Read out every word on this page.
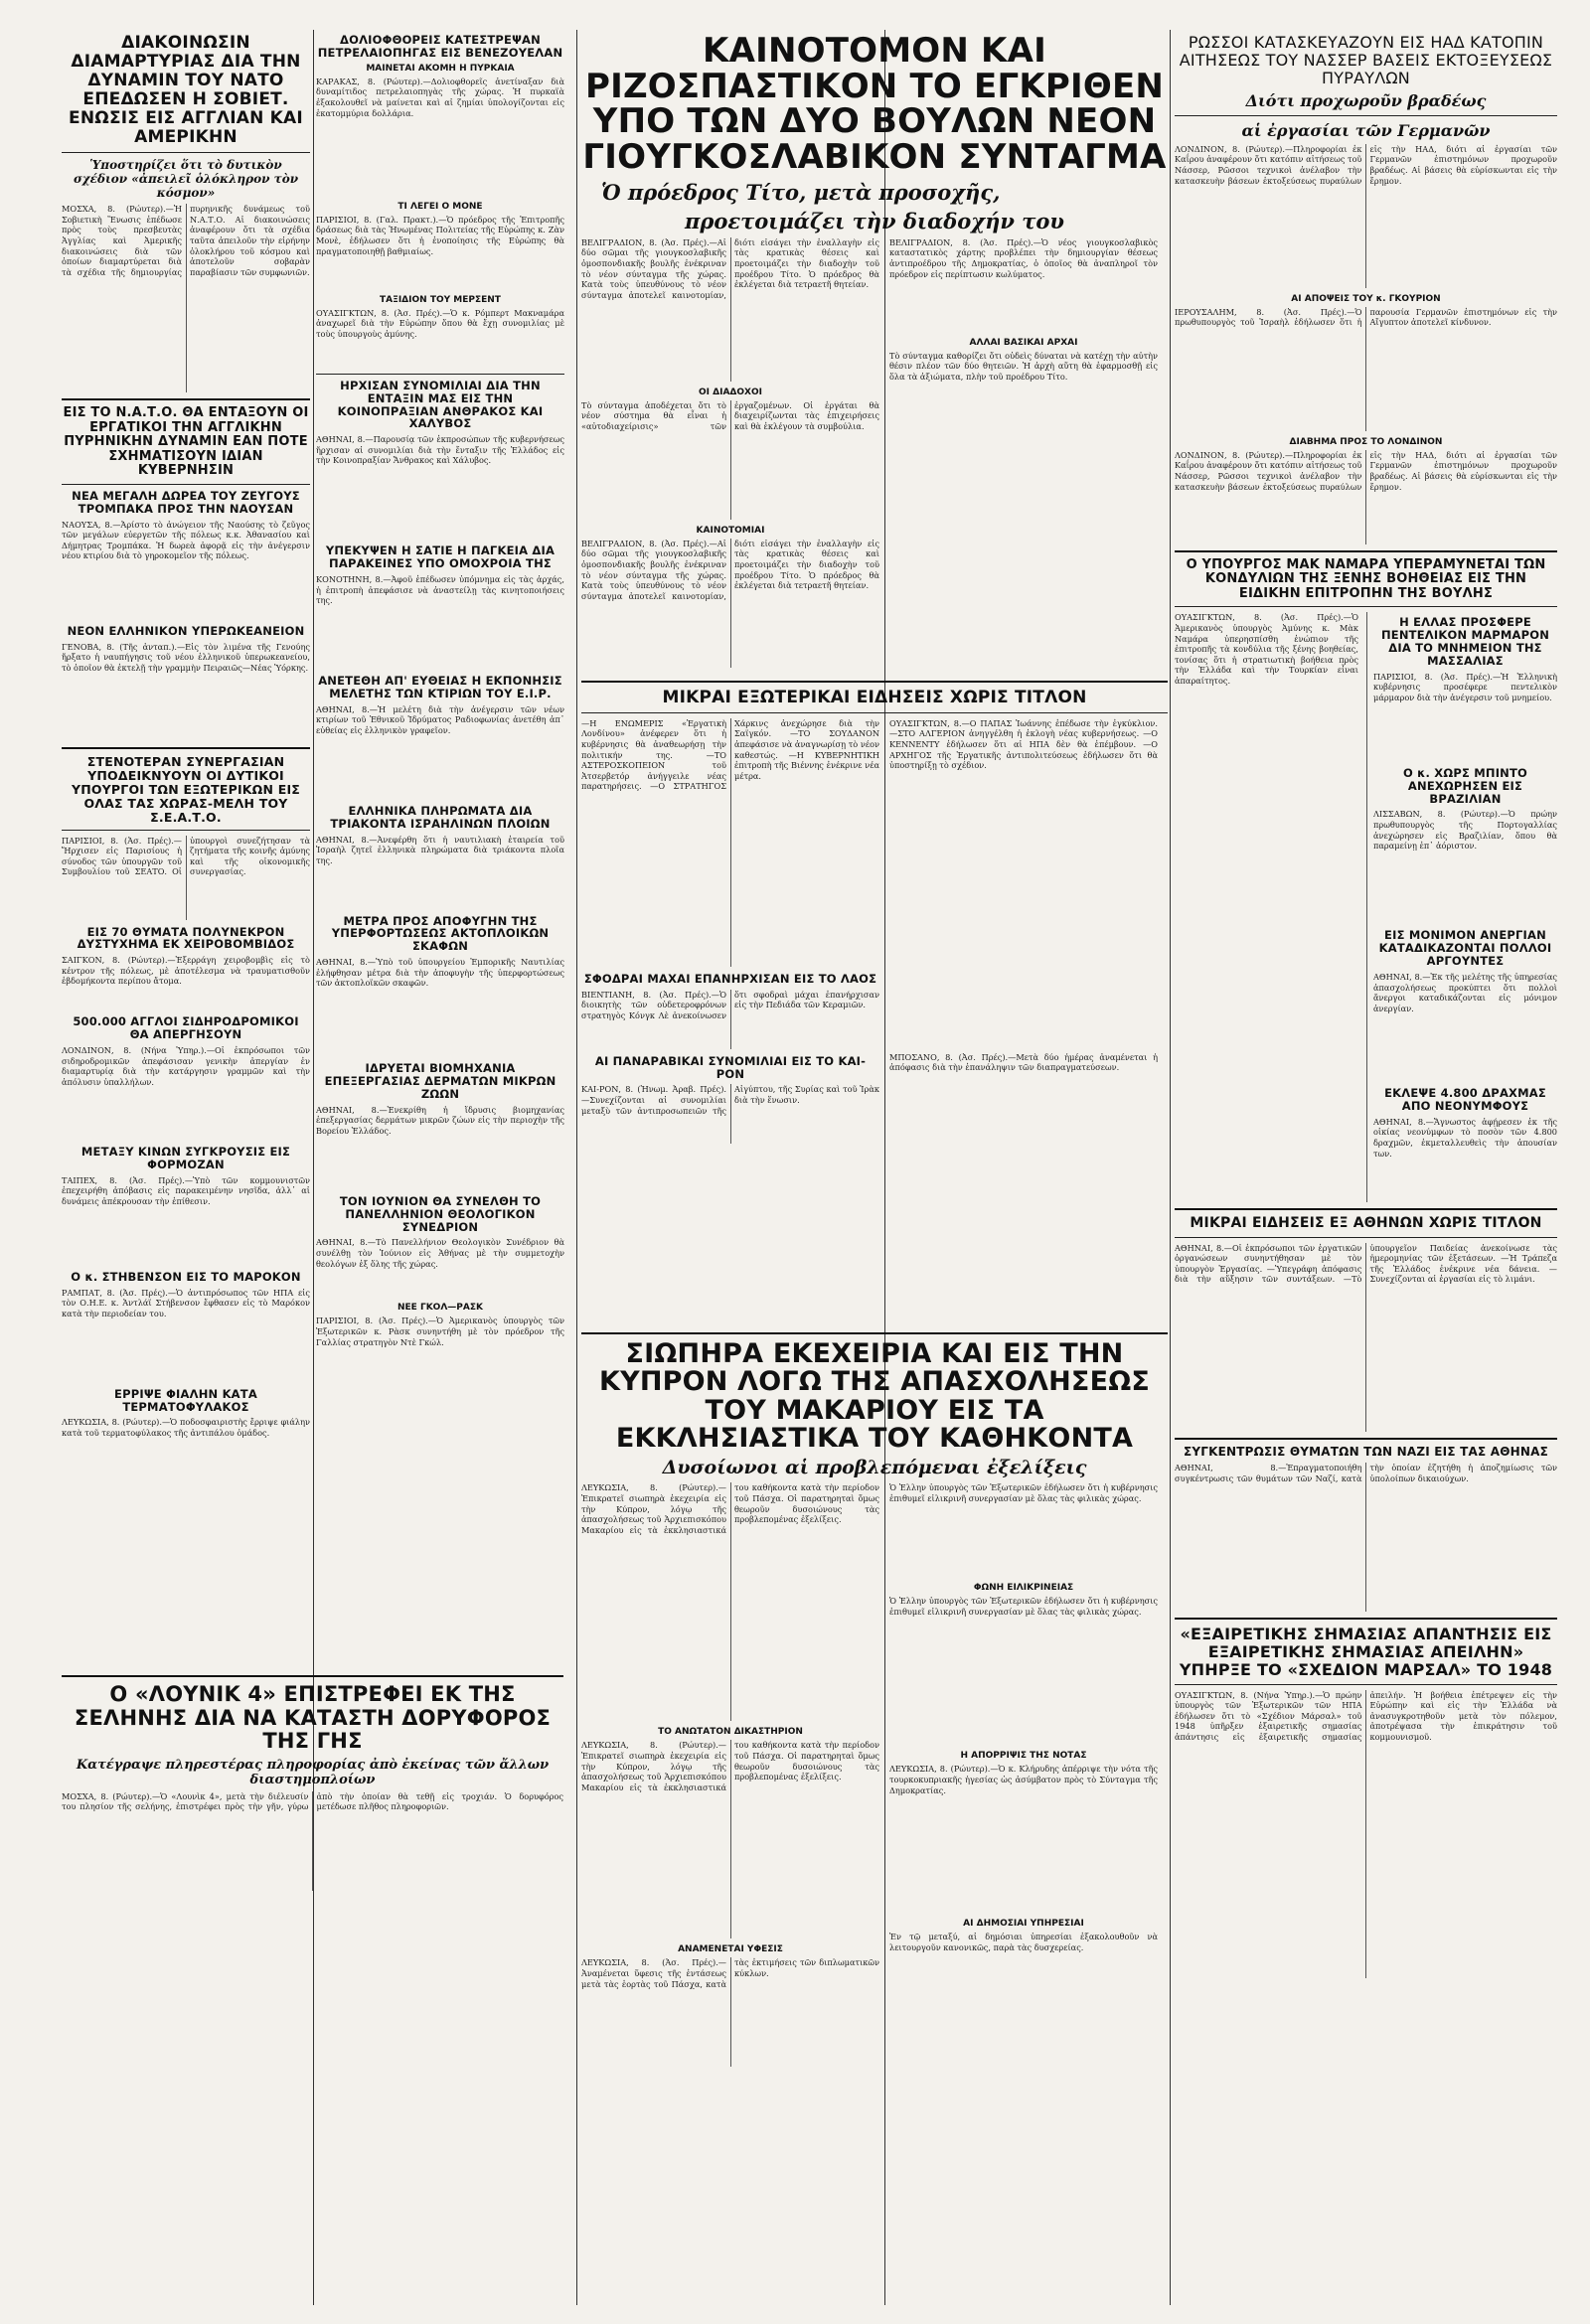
ΔΙΑΚΟΙΝΩΣΙΝ ΔΙΑΜΑΡΤΥΡΙΑΣ ΔΙΑ ΤΗΝ ΔΥΝΑΜΙΝ ΤΟΥ ΝΑΤΟ ΕΠΕΔΩΣΕΝ Η ΣΟΒΙΕΤ. ΕΝΩΣΙΣ ΕΙΣ ΑΓΓΛΙΑΝ ΚΑΙ ΑΜΕΡΙΚΗΝ
Ὑποστηρίζει ὅτι τὸ δυτικὸν σχέδιον «ἀπειλεῖ ὁλόκληρον τὸν κόσμον»
ΜΟΣΧΑ, 8. (Ρώυτερ).—Ἡ Σοβιετικὴ Ἕνωσις ἐπέδωσε πρὸς τοὺς πρεσβευτὰς Ἀγγλίας καὶ Ἀμερικῆς διακοινώσεις διὰ τῶν ὁποίων διαμαρτύρεται διὰ τὰ σχέδια τῆς δημιουργίας πυρηνικῆς δυνάμεως τοῦ Ν.Α.Τ.Ο. Αἱ διακοινώσεις ἀναφέρουν ὅτι τὰ σχέδια ταῦτα ἀπειλοῦν τὴν εἰρήνην ὁλοκλήρου τοῦ κόσμου καὶ ἀποτελοῦν σοβαρὰν παραβίασιν τῶν συμφωνιῶν.
ΕΙΣ ΤΟ Ν.Α.Τ.Ο. ΘΑ ΕΝΤΑΞΟΥΝ ΟΙ ΕΡΓΑΤΙΚΟΙ ΤΗΝ ΑΓΓΛΙΚΗΝ ΠΥΡΗΝΙΚΗΝ ΔΥΝΑΜΙΝ ΕΑΝ ΠΟΤΕ ΣΧΗΜΑΤΙΣΟΥΝ ΙΔΙΑΝ ΚΥΒΕΡΝΗΣΙΝ
ΝΕΑ ΜΕΓΑΛΗ ΔΩΡΕΑ ΤΟΥ ΖΕΥΓΟΥΣ ΤΡΟΜΠΑΚΑ ΠΡΟΣ ΤΗΝ ΝΑΟΥΣΑΝ
ΝΑΟΥΣΑ, 8.—Ἀρίστο τὸ ἀνώγειον τῆς Ναούσης τὸ ζεῦγος τῶν μεγάλων εὐεργετῶν τῆς πόλεως κ.κ. Ἀθανασίου καὶ Δήμητρας Τρομπάκα. Ἡ δωρεὰ ἀφορᾷ εἰς τὴν ἀνέγερσιν νέου κτιρίου διὰ τὸ γηροκομεῖον τῆς πόλεως.
ΝΕΟΝ ΕΛΛΗΝΙΚΟΝ ΥΠΕΡΩΚΕΑΝΕΙΟΝ
ΓΕΝΟΒΑ, 8. (Τῆς ἀνταπ.).—Εἰς τὸν λιμένα τῆς Γενούης ἤρξατο ἡ ναυπήγησις τοῦ νέου ἑλληνικοῦ ὑπερωκεανείου, τὸ ὁποῖον θὰ ἐκτελῇ τὴν γραμμὴν Πειραιῶς—Νέας Ὑόρκης.
ΣΤΕΝΟΤΕΡΑΝ ΣΥΝΕΡΓΑΣΙΑΝ ΥΠΟΔΕΙΚΝΥΟΥΝ ΟΙ ΔΥΤΙΚΟΙ ΥΠΟΥΡΓΟΙ ΤΩΝ ΕΞΩΤΕΡΙΚΩΝ ΕΙΣ ΟΛΑΣ ΤΑΣ ΧΩΡΑΣ-ΜΕΛΗ ΤΟΥ Σ.Ε.Α.Τ.Ο.
ΠΑΡΙΣΙΟΙ, 8. (Ἀσ. Πρές).—Ἤρχισεν εἰς Παρισίους ἡ σύνοδος τῶν ὑπουργῶν τοῦ Συμβουλίου τοῦ ΣΕΑΤΟ. Οἱ ὑπουργοὶ συνεζήτησαν τὰ ζητήματα τῆς κοινῆς ἀμύνης καὶ τῆς οἰκονομικῆς συνεργασίας.
ΕΙΣ 70 ΘΥΜΑΤΑ ΠΟΛΥΝΕΚΡΟΝ ΔΥΣΤΥΧΗΜΑ ΕΚ ΧΕΙΡΟΒΟΜΒΙΔΟΣ
ΣΑΙΓΚΟΝ, 8. (Ρώυτερ).—Ἐξερράγη χειροβομβὶς εἰς τὸ κέντρον τῆς πόλεως, μὲ ἀποτέλεσμα νὰ τραυματισθοῦν ἑβδομήκοντα περίπου ἄτομα.
500.000 ΑΓΓΛΟΙ ΣΙΔΗΡΟΔΡΟΜΙΚΟΙ ΘΑ ΑΠΕΡΓΗΣΟΥΝ
ΛΟΝΔΙΝΟΝ, 8. (Νήνα Ὑπηρ.).—Οἱ ἐκπρόσωποι τῶν σιδηροδρομικῶν ἀπεφάσισαν γενικὴν ἀπεργίαν ἐν διαμαρτυρίᾳ διὰ τὴν κατάργησιν γραμμῶν καὶ τὴν ἀπόλυσιν ὑπαλλήλων.
ΜΕΤΑΞΥ ΚΙΝΩΝ ΣΥΓΚΡΟΥΣΙΣ ΕΙΣ ΦΟΡΜΟΖΑΝ
ΤΑΙΠΕΧ, 8. (Ἀσ. Πρές).—Ὑπὸ τῶν κομμουνιστῶν ἐπεχειρήθη ἀπόβασις εἰς παρακειμένην νησῖδα, ἀλλ᾽ αἱ δυνάμεις ἀπέκρουσαν τὴν ἐπίθεσιν.
Ο κ. ΣΤΗΒΕΝΣΟΝ ΕΙΣ ΤΟ ΜΑΡΟΚΟΝ
ΡΑΜΠΑΤ, 8. (Ἀσ. Πρές).—Ὁ ἀντιπρόσωπος τῶν ΗΠΑ εἰς τὸν Ο.Η.Ε. κ. Ἀντλάϊ Στήβενσον ἔφθασεν εἰς τὸ Μαρόκον κατὰ τὴν περιοδείαν του.
ΕΡΡΙΨΕ ΦΙΑΛΗΝ ΚΑΤΑ ΤΕΡΜΑΤΟΦΥΛΑΚΟΣ
ΛΕΥΚΩΣΙΑ, 8. (Ρώυτερ).—Ὁ ποδοσφαιριστὴς ἔρριψε φιάλην κατὰ τοῦ τερματοφύλακος τῆς ἀντιπάλου ὁμάδος.
ΔΟΛΙΟΦΘΟΡΕΙΣ ΚΑΤΕΣΤΡΕΨΑΝ ΠΕΤΡΕΛΑΙΟΠΗΓΑΣ ΕΙΣ ΒΕΝΕΖΟΥΕΛΑΝ
ΜΑΙΝΕΤΑΙ ΑΚΟΜΗ Η ΠΥΡΚΑΙΑ
ΚΑΡΑΚΑΣ, 8. (Ρώυτερ).—Δολιοφθορεῖς ἀνετίναξαν διὰ δυναμίτιδος πετρελαιοπηγὰς τῆς χώρας. Ἡ πυρκαϊὰ ἐξακολουθεῖ νὰ μαίνεται καὶ αἱ ζημίαι ὑπολογίζονται εἰς ἑκατομμύρια δολλάρια.
ΤΙ ΛΕΓΕΙ Ο ΜΟΝΕ
ΠΑΡΙΣΙΟΙ, 8. (Γαλ. Πρακτ.).—Ὁ πρόεδρος τῆς Ἐπιτροπῆς δράσεως διὰ τὰς Ἡνωμένας Πολιτείας τῆς Εὐρώπης κ. Ζὰν Μονὲ, ἐδήλωσεν ὅτι ἡ ἐνοποίησις τῆς Εὐρώπης θὰ πραγματοποιηθῇ βαθμιαίως.
ΤΑΞΙΔΙΟΝ ΤΟΥ ΜΕΡΣΕΝΤ
ΟΥΑΣΙΓΚΤΩΝ, 8. (Ἀσ. Πρές).—Ὁ κ. Ρόμπερτ Μακναμάρα ἀναχωρεῖ διὰ τὴν Εὐρώπην ὅπου θὰ ἔχῃ συνομιλίας μὲ τοὺς ὑπουργοὺς ἀμύνης.
ΗΡΧΙΣΑΝ ΣΥΝΟΜΙΛΙΑΙ ΔΙΑ ΤΗΝ ΕΝΤΑΞΙΝ ΜΑΣ ΕΙΣ ΤΗΝ ΚΟΙΝΟΠΡΑΞΙΑΝ ΑΝΘΡΑΚΟΣ ΚΑΙ ΧΑΛΥΒΟΣ
ΑΘΗΝΑΙ, 8.—Παρουσίᾳ τῶν ἐκπροσώπων τῆς κυβερνήσεως ἤρχισαν αἱ συνομιλίαι διὰ τὴν ἔνταξιν τῆς Ἑλλάδος εἰς τὴν Κοινοπραξίαν Ἄνθρακος καὶ Χάλυβος.
ΥΠΕΚΥΨΕΝ Η ΣΑΤΙΕ Η ΠΑΓΚΕΙΑ ΔΙΑ ΠΑΡΑΚΕΙΝΕΣ ΥΠΟ ΟΜΟΧΡΟΙΑ ΤΗΣ
ΚΟΝΟΤΗΝΗ, 8.—Ἀφοῦ ἐπέδωσεν ὑπόμνημα εἰς τὰς ἀρχάς, ἡ ἐπιτροπὴ ἀπεφάσισε νὰ ἀναστείλῃ τὰς κινητοποιήσεις της.
ΑΝΕΤΕΘΗ ΑΠ' ΕΥΘΕΙΑΣ Η ΕΚΠΟΝΗΣΙΣ ΜΕΛΕΤΗΣ ΤΩΝ ΚΤΙΡΙΩΝ ΤΟΥ Ε.Ι.Ρ.
ΑΘΗΝΑΙ, 8.—Ἡ μελέτη διὰ τὴν ἀνέγερσιν τῶν νέων κτιρίων τοῦ Ἐθνικοῦ Ἱδρύματος Ραδιοφωνίας ἀνετέθη ἀπ᾽ εὐθείας εἰς ἑλληνικὸν γραφεῖον.
ΕΛΛΗΝΙΚΑ ΠΛΗΡΩΜΑΤΑ ΔΙΑ ΤΡΙΑΚΟΝΤΑ ΙΣΡΑΗΛΙΝΩΝ ΠΛΟΙΩΝ
ΑΘΗΝΑΙ, 8.—Ἀνεφέρθη ὅτι ἡ ναυτιλιακὴ ἑταιρεία τοῦ Ἰσραὴλ ζητεῖ ἑλληνικὰ πληρώματα διὰ τριάκοντα πλοῖα της.
ΜΕΤΡΑ ΠΡΟΣ ΑΠΟΦΥΓΗΝ ΤΗΣ ΥΠΕΡΦΟΡΤΩΣΕΩΣ ΑΚΤΟΠΛΟΙΚΩΝ ΣΚΑΦΩΝ
ΑΘΗΝΑΙ, 8.—Ὑπὸ τοῦ ὑπουργείου Ἐμπορικῆς Ναυτιλίας ἐλήφθησαν μέτρα διὰ τὴν ἀποφυγὴν τῆς ὑπερφορτώσεως τῶν ἀκτοπλοϊκῶν σκαφῶν.
ΙΔΡΥΕΤΑΙ ΒΙΟΜΗΧΑΝΙΑ ΕΠΕΞΕΡΓΑΣΙΑΣ ΔΕΡΜΑΤΩΝ ΜΙΚΡΩΝ ΖΩΩΝ
ΑΘΗΝΑΙ, 8.—Ἐνεκρίθη ἡ ἵδρυσις βιομηχανίας ἐπεξεργασίας δερμάτων μικρῶν ζώων εἰς τὴν περιοχὴν τῆς Βορείου Ἑλλάδος.
ΤΟΝ ΙΟΥΝΙΟΝ ΘΑ ΣΥΝΕΛΘΗ ΤΟ ΠΑΝΕΛΛΗΝΙΟΝ ΘΕΟΛΟΓΙΚΟΝ ΣΥΝΕΔΡΙΟΝ
ΑΘΗΝΑΙ, 8.—Τὸ Πανελλήνιον Θεολογικὸν Συνέδριον θὰ συνέλθῃ τὸν Ἰούνιον εἰς Ἀθήνας μὲ τὴν συμμετοχὴν θεολόγων ἐξ ὅλης τῆς χώρας.
ΝΕΕ ΓΚΟΛ—ΡΑΣΚ
ΠΑΡΙΣΙΟΙ, 8. (Ἀσ. Πρές).—Ὁ Ἀμερικανὸς ὑπουργὸς τῶν Ἐξωτερικῶν κ. Ρὰσκ συνηντήθη μὲ τὸν πρόεδρον τῆς Γαλλίας στρατηγὸν Ντὲ Γκώλ.
Ο «ΛΟΥΝΙΚ 4» ΕΠΙΣΤΡΕΦΕΙ ΕΚ ΤΗΣ ΣΕΛΗΝΗΣ ΔΙΑ ΝΑ ΚΑΤΑΣΤΗ ΔΟΡΥΦΟΡΟΣ ΤΗΣ ΓΗΣ
Κατέγραψε πληρεστέρας πληροφορίας ἀπὸ ἐκείνας τῶν ἄλλων διαστημοπλοίων
ΜΟΣΧΑ, 8. (Ρώυτερ).—Ὁ «Λουνὶκ 4», μετὰ τὴν διέλευσίν του πλησίον τῆς σελήνης, ἐπιστρέφει πρὸς τὴν γῆν, γύρω ἀπὸ τὴν ὁποίαν θὰ τεθῇ εἰς τροχιάν. Ὁ δορυφόρος μετέδωσε πλῆθος πληροφοριῶν.
ΚΑΙΝΟΤΟΜΟΝ ΚΑΙ ΡΙΖΟΣΠΑΣΤΙΚΟΝ ΤΟ ΕΓΚΡΙΘΕΝ ΥΠΟ ΤΩΝ ΔΥΟ ΒΟΥΛΩΝ ΝΕΟΝ ΓΙΟΥΓΚΟΣΛΑΒΙΚΟΝ ΣΥΝΤΑΓΜΑ
Ὁ πρόεδρος Τίτο, μετὰ προσοχῆς,
προετοιμάζει τὴν διαδοχήν του
ΒΕΛΙΓΡΑΔΙΟΝ, 8. (Ἀσ. Πρές).—Αἱ δύο σῶμαι τῆς γιουγκοσλαβικῆς ὁμοσπονδιακῆς βουλῆς ἐνέκριναν τὸ νέον σύνταγμα τῆς χώρας. Κατὰ τοὺς ὑπευθύνους τὸ νέον σύνταγμα ἀποτελεῖ καινοτομίαν, διότι εἰσάγει τὴν ἐναλλαγὴν εἰς τὰς κρατικὰς θέσεις καὶ προετοιμάζει τὴν διαδοχὴν τοῦ προέδρου Τίτο. Ὁ πρόεδρος θὰ ἐκλέγεται διὰ τετραετῆ θητείαν.
ΟΙ ΔΙΑΔΟΧΟΙ
Τὸ σύνταγμα ἀποδέχεται ὅτι τὸ νέον σύστημα θὰ εἶναι ἡ «αὐτοδιαχείρισις» τῶν ἐργαζομένων. Οἱ ἐργάται θὰ διαχειρίζωνται τὰς ἐπιχειρήσεις καὶ θὰ ἐκλέγουν τὰ συμβούλια.
ΚΑΙΝΟΤΟΜΙΑΙ
ΒΕΛΙΓΡΑΔΙΟΝ, 8. (Ἀσ. Πρές).—Αἱ δύο σῶμαι τῆς γιουγκοσλαβικῆς ὁμοσπονδιακῆς βουλῆς ἐνέκριναν τὸ νέον σύνταγμα τῆς χώρας. Κατὰ τοὺς ὑπευθύνους τὸ νέον σύνταγμα ἀποτελεῖ καινοτομίαν, διότι εἰσάγει τὴν ἐναλλαγὴν εἰς τὰς κρατικὰς θέσεις καὶ προετοιμάζει τὴν διαδοχὴν τοῦ προέδρου Τίτο. Ὁ πρόεδρος θὰ ἐκλέγεται διὰ τετραετῆ θητείαν.
ΒΕΛΙΓΡΑΔΙΟΝ, 8. (Ἀσ. Πρές).—Ὁ νέος γιουγκοσλαβικὸς καταστατικὸς χάρτης προβλέπει τὴν δημιουργίαν θέσεως ἀντιπροέδρου τῆς Δημοκρατίας, ὁ ὁποῖος θὰ ἀναπληροῖ τὸν πρόεδρον εἰς περίπτωσιν κωλύματος.
ΑΛΛΑΙ ΒΑΣΙΚΑΙ ΑΡΧΑΙ
Τὸ σύνταγμα καθορίζει ὅτι οὐδεὶς δύναται νὰ κατέχῃ τὴν αὐτὴν θέσιν πλέον τῶν δύο θητειῶν. Ἡ ἀρχὴ αὕτη θὰ ἐφαρμοσθῇ εἰς ὅλα τὰ ἀξιώματα, πλὴν τοῦ προέδρου Τίτο.
ΜΙΚΡΑΙ ΕΞΩΤΕΡΙΚΑΙ ΕΙΔΗΣΕΙΣ ΧΩΡΙΣ ΤΙΤΛΟΝ
—Η ΕΝΩΜΕΡΙΣ «Ἐργατικὴ Λονδίνου» ἀνέφερεν ὅτι ἡ κυβέρνησις θὰ ἀναθεωρήσῃ τὴν πολιτικήν της. —ΤΟ ΑΣΤΕΡΟΣΚΟΠΕΙΟΝ τοῦ Ἀτσερβετόρ ἀνήγγειλε νέας παρατηρήσεις. —Ο ΣΤΡΑΤΗΓΟΣ Χάρκινς ἀνεχώρησε διὰ τὴν Σαϊγκόν. —ΤΟ ΣΟΥΔΑΝΟΝ ἀπεφάσισε νὰ ἀναγνωρίσῃ τὸ νέον καθεστώς. —Η ΚΥΒΕΡΝΗΤΙΚΗ ἐπιτροπὴ τῆς Βιέννης ἐνέκρινε νέα μέτρα.
ΣΦΟΔΡΑΙ ΜΑΧΑΙ ΕΠΑΝΗΡΧΙΣΑΝ ΕΙΣ ΤΟ ΛΑΟΣ
ΒΙΕΝΤΙΑΝΗ, 8. (Ἀσ. Πρές).—Ὁ διοικητὴς τῶν οὐδετεροφρόνων στρατηγὸς Κόνγκ Λὲ ἀνεκοίνωσεν ὅτι σφοδραὶ μάχαι ἐπανήρχισαν εἰς τὴν Πεδιάδα τῶν Κεραμιῶν.
ΑΙ ΠΑΝΑΡΑΒΙΚΑΙ ΣΥΝΟΜΙΛΙΑΙ ΕΙΣ ΤΟ ΚΑΙ-ΡΟΝ
ΚΑΙ-ΡΟΝ, 8. (Ἡνωμ. Ἀραβ. Πρές).—Συνεχίζονται αἱ συνομιλίαι μεταξὺ τῶν ἀντιπροσωπειῶν τῆς Αἰγύπτου, τῆς Συρίας καὶ τοῦ Ἰρὰκ διὰ τὴν ἕνωσιν.
ΟΥΑΣΙΓΚΤΩΝ, 8.—Ο ΠΑΠΑΣ Ἰωάννης ἐπέδωσε τὴν ἐγκύκλιον. —ΣΤΟ ΑΛΓΕΡΙΟΝ ἀνηγγέλθη ἡ ἐκλογὴ νέας κυβερνήσεως. —Ο ΚΕΝΝΕΝΤΥ ἐδήλωσεν ὅτι αἱ ΗΠΑ δὲν θὰ ἐπέμβουν. —Ο ΑΡΧΗΓΟΣ τῆς Ἐργατικῆς ἀντιπολιτεύσεως ἐδήλωσεν ὅτι θὰ ὑποστηρίξῃ τὸ σχέδιον.
ΜΠΟΣΑΝΟ, 8. (Ἀσ. Πρές).—Μετὰ δύο ἡμέρας ἀναμένεται ἡ ἀπόφασις διὰ τὴν ἐπανάληψιν τῶν διαπραγματεύσεων.
ΣΙΩΠΗΡΑ ΕΚΕΧΕΙΡΙΑ ΚΑΙ ΕΙΣ ΤΗΝ ΚΥΠΡΟΝ ΛΟΓΩ ΤΗΣ ΑΠΑΣΧΟΛΗΣΕΩΣ ΤΟΥ ΜΑΚΑΡΙΟΥ ΕΙΣ ΤΑ ΕΚΚΛΗΣΙΑΣΤΙΚΑ ΤΟΥ ΚΑΘΗΚΟΝΤΑ
Δυσοίωνοι αἱ προβλεπόμεναι ἐξελίξεις
ΛΕΥΚΩΣΙΑ, 8. (Ρώυτερ).—Ἐπικρατεῖ σιωπηρὰ ἐκεχειρία εἰς τὴν Κύπρον, λόγῳ τῆς ἀπασχολήσεως τοῦ Ἀρχιεπισκόπου Μακαρίου εἰς τὰ ἐκκλησιαστικά του καθήκοντα κατὰ τὴν περίοδον τοῦ Πάσχα. Οἱ παρατηρηταὶ ὅμως θεωροῦν δυσοιώνους τὰς προβλεπομένας ἐξελίξεις.
ΤΟ ΑΝΩΤΑΤΟΝ ΔΙΚΑΣΤΗΡΙΟΝ
ΛΕΥΚΩΣΙΑ, 8. (Ρώυτερ).—Ἐπικρατεῖ σιωπηρὰ ἐκεχειρία εἰς τὴν Κύπρον, λόγῳ τῆς ἀπασχολήσεως τοῦ Ἀρχιεπισκόπου Μακαρίου εἰς τὰ ἐκκλησιαστικά του καθήκοντα κατὰ τὴν περίοδον τοῦ Πάσχα. Οἱ παρατηρηταὶ ὅμως θεωροῦν δυσοιώνους τὰς προβλεπομένας ἐξελίξεις.
ΑΝΑΜΕΝΕΤΑΙ ΥΦΕΣΙΣ
ΛΕΥΚΩΣΙΑ, 8. (Ἀσ. Πρές).—Ἀναμένεται ὕφεσις τῆς ἐντάσεως μετὰ τὰς ἑορτὰς τοῦ Πάσχα, κατὰ τὰς ἐκτιμήσεις τῶν διπλωματικῶν κύκλων.
Ὁ Ἑλλην ὑπουργὸς τῶν Ἐξωτερικῶν ἐδήλωσεν ὅτι ἡ κυβέρνησις ἐπιθυμεῖ εἰλικρινῆ συνεργασίαν μὲ ὅλας τὰς φιλικὰς χώρας.
ΦΩΝΗ ΕΙΛΙΚΡΙΝΕΙΑΣ
Ὁ Ἑλλην ὑπουργὸς τῶν Ἐξωτερικῶν ἐδήλωσεν ὅτι ἡ κυβέρνησις ἐπιθυμεῖ εἰλικρινῆ συνεργασίαν μὲ ὅλας τὰς φιλικὰς χώρας.
Η ΑΠΟΡΡΙΨΙΣ ΤΗΣ ΝΟΤΑΣ
ΛΕΥΚΩΣΙΑ, 8. (Ρώυτερ).—Ὁ κ. Κλήρυδης ἀπέρριψε τὴν νότα τῆς τουρκοκυπριακῆς ἡγεσίας ὡς ἀσύμβατον πρὸς τὸ Σύνταγμα τῆς Δημοκρατίας.
ΑΙ ΔΗΜΟΣΙΑΙ ΥΠΗΡΕΣΙΑΙ
Ἐν τῷ μεταξύ, αἱ δημόσιαι ὑπηρεσίαι ἐξακολουθοῦν νὰ λειτουργοῦν κανονικῶς, παρὰ τὰς δυσχερείας.
ΡΩΣΣΟΙ ΚΑΤΑΣΚΕΥΑΖΟΥΝ ΕΙΣ ΗΑΔ ΚΑΤΟΠΙΝ ΑΙΤΗΣΕΩΣ ΤΟΥ ΝΑΣΣΕΡ ΒΑΣΕΙΣ ΕΚΤΟΞΕΥΣΕΩΣ ΠΥΡΑΥΛΩΝ
Διότι προχωροῦν βραδέως
αἱ ἐργασίαι τῶν Γερμανῶν
ΛΟΝΔΙΝΟΝ, 8. (Ρώυτερ).—Πληροφορίαι ἐκ Καΐρου ἀναφέρουν ὅτι κατόπιν αἰτήσεως τοῦ Νάσσερ, Ρῶσσοι τεχνικοὶ ἀνέλαβον τὴν κατασκευὴν βάσεων ἐκτοξεύσεως πυραύλων εἰς τὴν ΗΑΔ, διότι αἱ ἐργασίαι τῶν Γερμανῶν ἐπιστημόνων προχωροῦν βραδέως. Αἱ βάσεις θὰ εὑρίσκωνται εἰς τὴν ἔρημον.
ΑΙ ΑΠΟΨΕΙΣ ΤΟΥ κ. ΓΚΟΥΡΙΟΝ
ΙΕΡΟΥΣΑΛΗΜ, 8. (Ἀσ. Πρές).—Ὁ πρωθυπουργὸς τοῦ Ἰσραὴλ ἐδήλωσεν ὅτι ἡ παρουσία Γερμανῶν ἐπιστημόνων εἰς τὴν Αἴγυπτον ἀποτελεῖ κίνδυνον.
ΔΙΑΒΗΜΑ ΠΡΟΣ ΤΟ ΛΟΝΔΙΝΟΝ
ΛΟΝΔΙΝΟΝ, 8. (Ρώυτερ).—Πληροφορίαι ἐκ Καΐρου ἀναφέρουν ὅτι κατόπιν αἰτήσεως τοῦ Νάσσερ, Ρῶσσοι τεχνικοὶ ἀνέλαβον τὴν κατασκευὴν βάσεων ἐκτοξεύσεως πυραύλων εἰς τὴν ΗΑΔ, διότι αἱ ἐργασίαι τῶν Γερμανῶν ἐπιστημόνων προχωροῦν βραδέως. Αἱ βάσεις θὰ εὑρίσκωνται εἰς τὴν ἔρημον.
Ο ΥΠΟΥΡΓΟΣ ΜΑΚ ΝΑΜΑΡΑ ΥΠΕΡΑΜΥΝΕΤΑΙ ΤΩΝ ΚΟΝΔΥΛΙΩΝ ΤΗΣ ΞΕΝΗΣ ΒΟΗΘΕΙΑΣ ΕΙΣ ΤΗΝ ΕΙΔΙΚΗΝ ΕΠΙΤΡΟΠΗΝ ΤΗΣ ΒΟΥΛΗΣ
ΟΥΑΣΙΓΚΤΩΝ, 8. (Ἀσ. Πρές).—Ὁ Ἀμερικανὸς ὑπουργὸς Ἀμύνης κ. Μὰκ Ναμάρα ὑπερησπίσθη ἐνώπιον τῆς ἐπιτροπῆς τὰ κονδύλια τῆς ξένης βοηθείας, τονίσας ὅτι ἡ στρατιωτικὴ βοήθεια πρὸς τὴν Ἑλλάδα καὶ τὴν Τουρκίαν εἶναι ἀπαραίτητος.
Η ΕΛΛΑΣ ΠΡΟΣΦΕΡΕ ΠΕΝΤΕΛΙΚΟΝ ΜΑΡΜΑΡΟΝ ΔΙΑ ΤΟ ΜΝΗΜΕΙΟΝ ΤΗΣ ΜΑΣΣΑΛΙΑΣ
ΠΑΡΙΣΙΟΙ, 8. (Ἀσ. Πρές).—Ἡ Ἑλληνικὴ κυβέρνησις προσέφερε πεντελικὸν μάρμαρον διὰ τὴν ἀνέγερσιν τοῦ μνημείου.
Ο κ. ΧΩΡΣ ΜΠΙΝΤΟ ΑΝΕΧΩΡΗΣΕΝ ΕΙΣ ΒΡΑΖΙΛΙΑΝ
ΛΙΣΣΑΒΩΝ, 8. (Ρώυτερ).—Ὁ πρώην πρωθυπουργὸς τῆς Πορτογαλλίας ἀνεχώρησεν εἰς Βραζιλίαν, ὅπου θὰ παραμείνῃ ἐπ᾽ ἀόριστον.
ΕΙΣ ΜΟΝΙΜΟΝ ΑΝΕΡΓΙΑΝ ΚΑΤΑΔΙΚΑΖΟΝΤΑΙ ΠΟΛΛΟΙ ΑΡΓΟΥΝΤΕΣ
ΑΘΗΝΑΙ, 8.—Ἐκ τῆς μελέτης τῆς ὑπηρεσίας ἀπασχολήσεως προκύπτει ὅτι πολλοὶ ἄνεργοι καταδικάζονται εἰς μόνιμον ἀνεργίαν.
ΕΚΛΕΨΕ 4.800 ΔΡΑΧΜΑΣ ΑΠΟ ΝΕΟΝΥΜΦΟΥΣ
ΑΘΗΝΑΙ, 8.—Ἄγνωστος ἀφῄρεσεν ἐκ τῆς οἰκίας νεονύμφων τὸ ποσὸν τῶν 4.800 δραχμῶν, ἐκμεταλλευθεὶς τὴν ἀπουσίαν των.
ΜΙΚΡΑΙ ΕΙΔΗΣΕΙΣ ΕΞ ΑΘΗΝΩΝ ΧΩΡΙΣ ΤΙΤΛΟΝ
ΑΘΗΝΑΙ, 8.—Οἱ ἐκπρόσωποι τῶν ἐργατικῶν ὀργανώσεων συνηντήθησαν μὲ τὸν ὑπουργὸν Ἐργασίας. —Ὑπεγράφη ἀπόφασις διὰ τὴν αὔξησιν τῶν συντάξεων. —Τὸ ὑπουργεῖον Παιδείας ἀνεκοίνωσε τὰς ἡμερομηνίας τῶν ἐξετάσεων. —Ἡ Τράπεζα τῆς Ἑλλάδος ἐνέκρινε νέα δάνεια. —Συνεχίζονται αἱ ἐργασίαι εἰς τὸ λιμάνι.
ΣΥΓΚΕΝΤΡΩΣΙΣ ΘΥΜΑΤΩΝ ΤΩΝ ΝΑΖΙ ΕΙΣ ΤΑΣ ΑΘΗΝΑΣ
ΑΘΗΝΑΙ, 8.—Ἐπραγματοποιήθη συγκέντρωσις τῶν θυμάτων τῶν Ναζί, κατὰ τὴν ὁποίαν ἐζητήθη ἡ ἀποζημίωσις τῶν ὑπολοίπων δικαιούχων.
«ΕΞΑΙΡΕΤΙΚΗΣ ΣΗΜΑΣΙΑΣ ΑΠΑΝΤΗΣΙΣ ΕΙΣ ΕΞΑΙΡΕΤΙΚΗΣ ΣΗΜΑΣΙΑΣ ΑΠΕΙΛΗΝ» ΥΠΗΡΞΕ ΤΟ «ΣΧΕΔΙΟΝ ΜΑΡΣΑΛ» ΤΟ 1948
ΟΥΑΣΙΓΚΤΩΝ, 8. (Νήνα Ὑπηρ.).—Ὁ πρώην ὑπουργὸς τῶν Ἐξωτερικῶν τῶν ΗΠΑ ἐδήλωσεν ὅτι τὸ «Σχέδιον Μάρσαλ» τοῦ 1948 ὑπῆρξεν ἐξαιρετικῆς σημασίας ἀπάντησις εἰς ἐξαιρετικῆς σημασίας ἀπειλήν. Ἡ βοήθεια ἐπέτρεψεν εἰς τὴν Εὐρώπην καὶ εἰς τὴν Ἑλλάδα νὰ ἀνασυγκροτηθοῦν μετὰ τὸν πόλεμον, ἀποτρέψασα τὴν ἐπικράτησιν τοῦ κομμουνισμοῦ.
